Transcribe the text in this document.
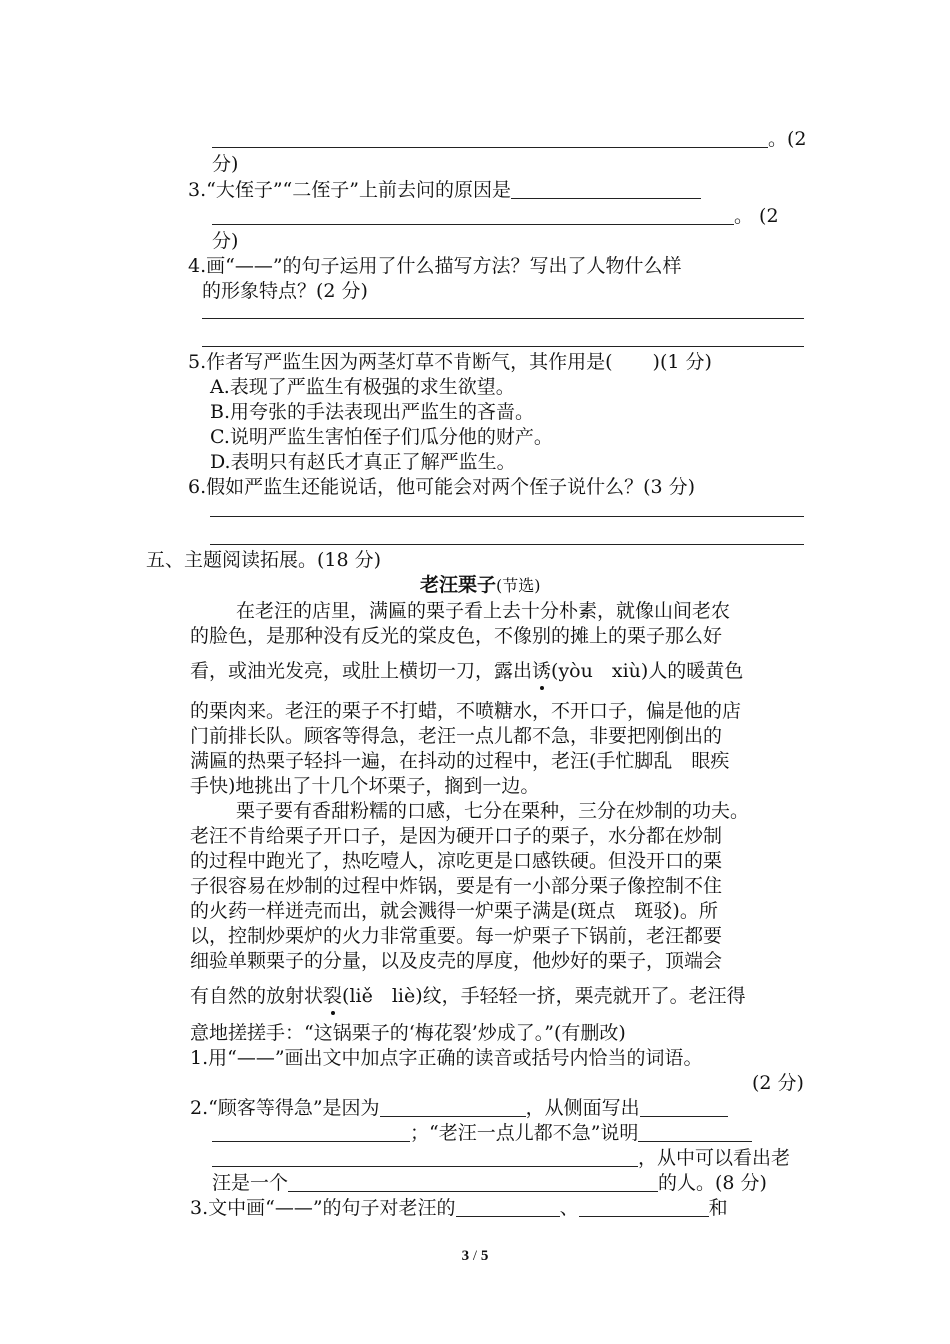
。(2
分)
3.“大侄子”“二侄子”上前去问的原因是
。 (2
分)
4.画“——”的句子运用了什么描写方法？写出了人物什么样
的形象特点？(2 分)
5.作者写严监生因为两茎灯草不肯断气，其作用是( )(1 分)
A.表现了严监生有极强的求生欲望。
B.用夸张的手法表现出严监生的吝啬。
C.说明严监生害怕侄子们瓜分他的财产。
D.表明只有赵氏才真正了解严监生。
6.假如严监生还能说话，他可能会对两个侄子说什么？(3 分)
五、主题阅读拓展。(18 分)
老汪栗子(节选)
在老汪的店里，满匾的栗子看上去十分朴素，就像山间老农
的脸色，是那种没有反光的棠皮色，不像别的摊上的栗子那么好
看，或油光发亮，或肚上横切一刀，露出诱(yòu　xiù)人的暖黄色
的栗肉来。老汪的栗子不打蜡，不喷糖水，不开口子，偏是他的店
门前排长队。顾客等得急，老汪一点儿都不急，非要把刚倒出的
满匾的热栗子轻抖一遍，在抖动的过程中，老汪(手忙脚乱　眼疾
手快)地挑出了十几个坏栗子，搁到一边。
栗子要有香甜粉糯的口感，七分在栗种，三分在炒制的功夫。
老汪不肯给栗子开口子，是因为硬开口子的栗子，水分都在炒制
的过程中跑光了，热吃噎人，凉吃更是口感铁硬。但没开口的栗
子很容易在炒制的过程中炸锅，要是有一小部分栗子像控制不住
的火药一样迸壳而出，就会溅得一炉栗子满是(斑点　斑驳)。所
以，控制炒栗炉的火力非常重要。每一炉栗子下锅前，老汪都要
细验单颗栗子的分量，以及皮壳的厚度，他炒好的栗子，顶端会
有自然的放射状裂(liě　liè)纹，手轻轻一挤，栗壳就开了。老汪得
意地搓搓手：“这锅栗子的‘梅花裂’炒成了。”(有删改)
1.用“——”画出文中加点字正确的读音或括号内恰当的词语。
(2 分)
2.“顾客等得急”是因为	，从侧面写出
；“老汪一点儿都不急”说明
，从中可以看出老
汪是一个	的人。(8 分)
3.文中画“——”的句子对老汪的	、	和
3 / 5
